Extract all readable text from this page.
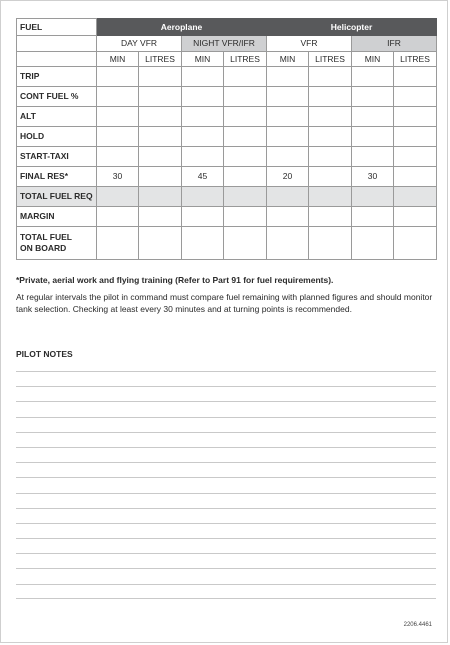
FUEL	Aeroplane				Helicopter			
	DAY VFR		NIGHT VFR/IFR		VFR		IFR	
	MIN	LITRES	MIN	LITRES	MIN	LITRES	MIN	LITRES
TRIP								
CONT FUEL %								
ALT								
HOLD								
START-TAXI								
FINAL RES*	30		45		20		30	
TOTAL FUEL REQ								
MARGIN								

TOTAL FUEL
ON BOARD								

*Private, aerial work and flying training (Refer to Part 91 for fuel requirements).
At regular intervals the pilot in command must compare fuel remaining with planned figures and should monitor tank selection. Checking at least every 30 minutes and at turning points is recommended.
PILOT NOTES
2206.4461
